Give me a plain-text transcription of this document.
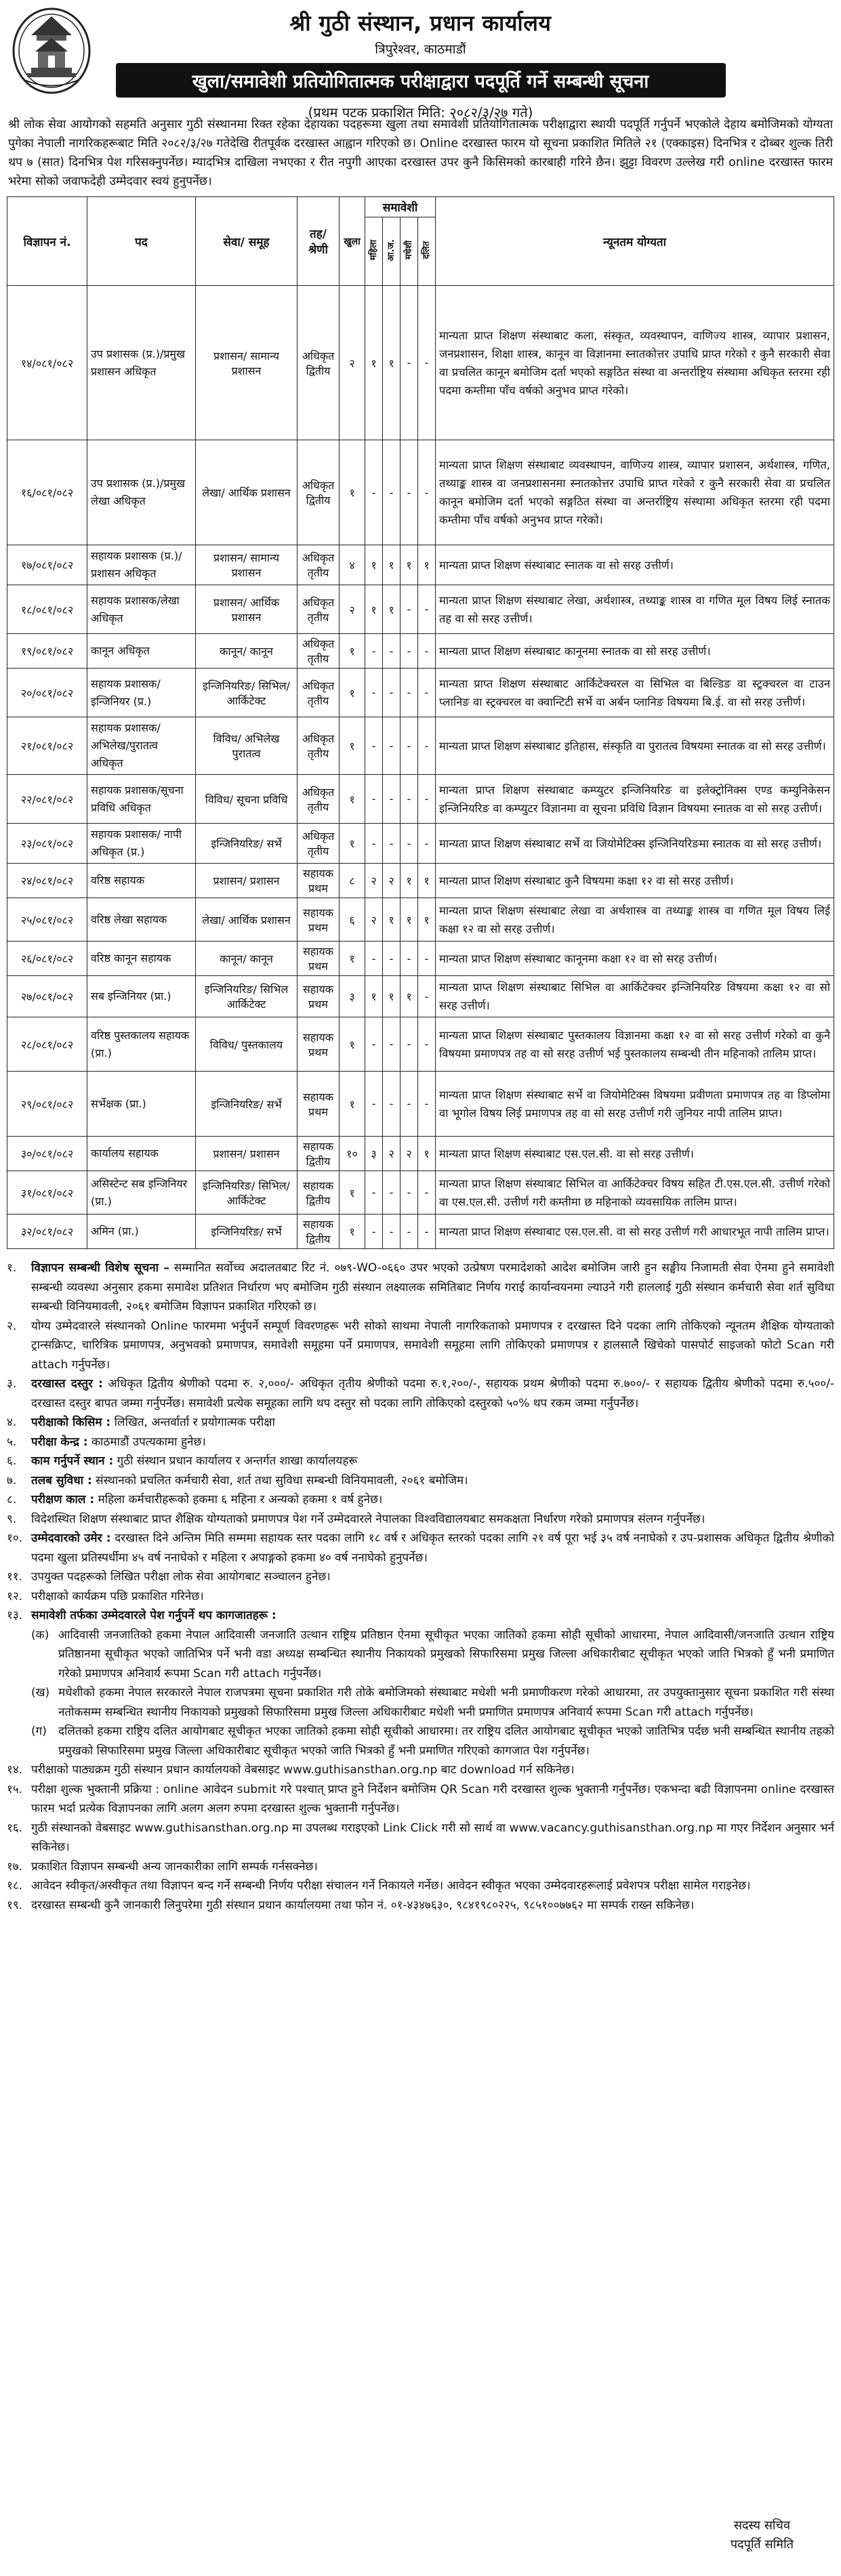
श्री गुठी संस्थान, प्रधान कार्यालय
त्रिपुरेश्वर, काठमाडौं
खुला/समावेशी प्रतियोगितात्मक परीक्षाद्वारा पदपूर्ति गर्ने सम्बन्धी सूचना
(प्रथम पटक प्रकाशित मिति: २०८२/३/२७ गते)
श्री लोक सेवा आयोगको सहमति अनुसार गुठी संस्थानमा रिक्त रहेका देहायका पदहरूमा खुला तथा समावेशी प्रतियोगितात्मक परीक्षाद्वारा स्थायी पदपूर्ति गर्नुपर्ने भएकोले देहाय बमोजिमको योग्यता पुगेका नेपाली नागरिकहरूबाट मिति २०८२/३/२७ गतेदेखि रीतपूर्वक दरखास्त आह्वान गरिएको छ। Online दरखास्त फारम यो सूचना प्रकाशित मितिले २१ (एक्काइस) दिनभित्र र दोब्बर शुल्क तिरी थप ७ (सात) दिनभित्र पेश गरिसक्नुपर्नेछ। म्यादभित्र दाखिला नभएका र रीत नपुगी आएका दरखास्त उपर कुनै किसिमको कारबाही गरिने छैन। झुट्टा विवरण उल्लेख गरी online दरखास्त फारम भरेमा सोको जवाफदेही उम्मेदवार स्वयं हुनुपर्नेछ।
विज्ञापन नं.	पद	सेवा/ समूह	तह/ श्रेणी	खुला	समावेशी				न्यूनतम योग्यता
					महिला	आ.ज.	मधेशी	दलित	
१४/०८१/०८२	उप प्रशासक (प्र.)/प्रमुख प्रशासन अधिकृत	प्रशासन/ सामान्य प्रशासन	अधिकृत द्वितीय	२	१	१	-	-	मान्यता प्राप्त शिक्षण संस्थाबाट कला, संस्कृत, व्यवस्थापन, वाणिज्य शास्त्र, व्यापार प्रशासन, जनप्रशासन, शिक्षा शास्त्र, कानून वा विज्ञानमा स्नातकोत्तर उपाधि प्राप्त गरेको र कुनै सरकारी सेवा वा प्रचलित कानून बमोजिम दर्ता भएको सङ्गठित संस्था वा अन्तर्राष्ट्रिय संस्थामा अधिकृत स्तरमा रही पदमा कम्तीमा पाँच वर्षको अनुभव प्राप्त गरेको।
१६/०८१/०८२	उप प्रशासक (प्र.)/प्रमुख लेखा अधिकृत	लेखा/ आर्थिक प्रशासन	अधिकृत द्वितीय	१	-	-	-	-	मान्यता प्राप्त शिक्षण संस्थाबाट व्यवस्थापन, वाणिज्य शास्त्र, व्यापार प्रशासन, अर्थशास्त्र, गणित, तथ्याङ्क शास्त्र वा जनप्रशासनमा स्नातकोत्तर उपाधि प्राप्त गरेको र कुनै सरकारी सेवा वा प्रचलित कानून बमोजिम दर्ता भएको सङ्गठित संस्था वा अन्तर्राष्ट्रिय संस्थामा अधिकृत स्तरमा रही पदमा कम्तीमा पाँच वर्षको अनुभव प्राप्त गरेको।
१७/०८१/०८२	सहायक प्रशासक (प्र.)/प्रशासन अधिकृत	प्रशासन/ सामान्य प्रशासन	अधिकृत तृतीय	४	१	१	१	१	मान्यता प्राप्त शिक्षण संस्थाबाट स्नातक वा सो सरह उत्तीर्ण।
१८/०८१/०८२	सहायक प्रशासक/लेखा अधिकृत	प्रशासन/ आर्थिक प्रशासन	अधिकृत तृतीय	२	१	१	-	-	मान्यता प्राप्त शिक्षण संस्थाबाट लेखा, अर्थशास्त्र, तथ्याङ्क शास्त्र वा गणित मूल विषय लिई स्नातक तह वा सो सरह उत्तीर्ण।
१९/०८१/०८२	कानून अधिकृत	कानून/ कानून	अधिकृत तृतीय	१	-	-	-	-	मान्यता प्राप्त शिक्षण संस्थाबाट कानूनमा स्नातक वा सो सरह उत्तीर्ण।
२०/०८१/०८२	सहायक प्रशासक/ इन्जिनियर (प्र.)	इन्जिनियरिङ/ सिभिल/ आर्किटेक्ट	अधिकृत तृतीय	१	-	-	-	-	मान्यता प्राप्त शिक्षण संस्थाबाट आर्किटेक्चरल वा सिभिल वा बिल्डिङ वा स्ट्रक्चरल वा टाउन प्लानिङ वा स्ट्रक्चरल वा क्वान्टिटी सर्भे वा अर्बन प्लानिङ विषयमा बि.ई. वा सो सरह उत्तीर्ण।
२१/०८१/०८२	सहायक प्रशासक/ अभिलेख/पुरातत्व अधिकृत	विविध/ अभिलेख पुरातत्व	अधिकृत तृतीय	१	-	-	-	-	मान्यता प्राप्त शिक्षण संस्थाबाट इतिहास, संस्कृति वा पुरातत्व विषयमा स्नातक वा सो सरह उत्तीर्ण।
२२/०८१/०८२	सहायक प्रशासक/सूचना प्रविधि अधिकृत	विविध/ सूचना प्रविधि	अधिकृत तृतीय	१	-	-	-	-	मान्यता प्राप्त शिक्षण संस्थाबाट कम्प्युटर इन्जिनियरिङ वा इलेक्ट्रोनिक्स एण्ड कम्युनिकेसन इन्जिनियरिङ वा कम्प्युटर विज्ञानमा वा सूचना प्रविधि विज्ञान विषयमा स्नातक वा सो सरह उत्तीर्ण।
२३/०८१/०८२	सहायक प्रशासक/ नापी अधिकृत (प्र.)	इन्जिनियरिङ/ सर्भे	अधिकृत तृतीय	१	-	-	-	-	मान्यता प्राप्त शिक्षण संस्थाबाट सर्भे वा जियोमेटिक्स इन्जिनियरिङमा स्नातक वा सो सरह उत्तीर्ण।
२४/०८१/०८२	वरिष्ठ सहायक	प्रशासन/ प्रशासन	सहायक प्रथम	८	२	२	१	१	मान्यता प्राप्त शिक्षण संस्थाबाट कुनै विषयमा कक्षा १२ वा सो सरह उत्तीर्ण।
२५/०८१/०८२	वरिष्ठ लेखा सहायक	लेखा/ आर्थिक प्रशासन	सहायक प्रथम	६	२	१	१	१	मान्यता प्राप्त शिक्षण संस्थाबाट लेखा वा अर्थशास्त्र वा तथ्याङ्क शास्त्र वा गणित मूल विषय लिई कक्षा १२ वा सो सरह उत्तीर्ण।
२६/०८१/०८२	वरिष्ठ कानून सहायक	कानून/ कानून	सहायक प्रथम	१	-	-	-	-	मान्यता प्राप्त शिक्षण संस्थाबाट कानूनमा कक्षा १२ वा सो सरह उत्तीर्ण।
२७/०८१/०८२	सब इन्जिनियर (प्रा.)	इन्जिनियरिङ/ सिभिल आर्किटेक्ट	सहायक प्रथम	३	१	१	१	-	मान्यता प्राप्त शिक्षण संस्थाबाट सिभिल वा आर्किटेक्चर इन्जिनियरिङ विषयमा कक्षा १२ वा सो सरह उत्तीर्ण।
२८/०८१/०८२	वरिष्ठ पुस्तकालय सहायक (प्रा.)	विविध/ पुस्तकालय	सहायक प्रथम	१	-	-	-	-	मान्यता प्राप्त शिक्षण संस्थाबाट पुस्तकालय विज्ञानमा कक्षा १२ वा सो सरह उत्तीर्ण गरेको वा कुनै विषयमा प्रमाणपत्र तह वा सो सरह उत्तीर्ण भई पुस्तकालय सम्बन्धी तीन महिनाको तालिम प्राप्त।
२९/०८१/०८२	सर्भेक्षक (प्रा.)	इन्जिनियरिङ/ सर्भे	सहायक प्रथम	१	-	-	-	-	मान्यता प्राप्त शिक्षण संस्थाबाट सर्भे वा जियोमेटिक्स विषयमा प्रवीणता प्रमाणपत्र तह वा डिप्लोमा वा भूगोल विषय लिई प्रमाणपत्र तह वा सो सरह उत्तीर्ण गरी जुनियर नापी तालिम प्राप्त।
३०/०८१/०८२	कार्यालय सहायक	प्रशासन/ प्रशासन	सहायक द्वितीय	१०	३	२	२	१	मान्यता प्राप्त शिक्षण संस्थाबाट एस.एल.सी. वा सो सरह उत्तीर्ण।
३१/०८१/०८२	असिस्टेन्ट सब इन्जिनियर (प्रा.)	इन्जिनियरिङ/ सिभिल/ आर्किटेक्ट	सहायक द्वितीय	१	-	-	-	-	मान्यता प्राप्त शिक्षण संस्थाबाट सिभिल वा आर्किटेक्चर विषय सहित टी.एस.एल.सी. उत्तीर्ण गरेको वा एस.एल.सी. उत्तीर्ण गरी कम्तीमा छ महिनाको व्यवसायिक तालिम प्राप्त।
३२/०८१/०८२	अमिन (प्रा.)	इन्जिनियरिङ/ सर्भे	सहायक द्वितीय	१	-	-	-	-	मान्यता प्राप्त शिक्षण संस्थाबाट एस.एल.सी. वा सो सरह उत्तीर्ण गरी आधारभूत नापी तालिम प्राप्त।
१.	विज्ञापन सम्बन्धी विशेष सूचना – सम्मानित सर्वोच्च अदालतबाट रिट नं. ०७९-WO-०६६० उपर भएको उत्प्रेषण परमादेशको आदेश बमोजिम जारी हुन सङ्घीय निजामती सेवा ऐनमा हुने समावेशी सम्बन्धी व्यवस्था अनुसार हकमा समावेश प्रतिशत निर्धारण भए बमोजिम गुठी संस्थान लक्ष्यालक समितिबाट निर्णय गराई कार्यान्वयनमा ल्याउने गरी हाललाई गुठी संस्थान कर्मचारी सेवा शर्त सुविधा सम्बन्धी विनियमावली, २०६१ बमोजिम विज्ञापन प्रकाशित गरिएको छ।
२.	योग्य उम्मेदवारले संस्थानको Online फारममा भर्नुपर्ने सम्पूर्ण विवरणहरू भरी सोको साथमा नेपाली नागरिकताको प्रमाणपत्र र दरखास्त दिने पदका लागि तोकिएको न्यूनतम शैक्षिक योग्यताको ट्रान्सक्रिप्ट, चारित्रिक प्रमाणपत्र, अनुभवको प्रमाणपत्र, समावेशी समूहमा पर्ने प्रमाणपत्र, समावेशी समूहमा लागि तोकिएको प्रमाणपत्र र हालसालै खिचेको पासपोर्ट साइजको फोटो Scan गरी attach गर्नुपर्नेछ।
३.	दरखास्त दस्तुर : अधिकृत द्वितीय श्रेणीको पदमा रु. २,०००/- अधिकृत तृतीय श्रेणीको पदमा रु.१,२००/-, सहायक प्रथम श्रेणीको पदमा रु.७००/- र सहायक द्वितीय श्रेणीको पदमा रु.५००/- दरखास्त दस्तुर बापत जम्मा गर्नुपर्नेछ। समावेशी प्रत्येक समूहका लागि थप दस्तुर सो पदका लागि तोकिएको दस्तुरको ५०% थप रकम जम्मा गर्नुपर्नेछ।
४.	परीक्षाको किसिम : लिखित, अन्तर्वार्ता र प्रयोगात्मक परीक्षा
५.	परीक्षा केन्द्र : काठमाडौं उपत्यकामा हुनेछ।
६.	काम गर्नुपर्ने स्थान : गुठी संस्थान प्रधान कार्यालय र अन्तर्गत शाखा कार्यालयहरू
७.	तलब सुविधा : संस्थानको प्रचलित कर्मचारी सेवा, शर्त तथा सुविधा सम्बन्धी विनियमावली, २०६१ बमोजिम।
८.	परीक्षण काल : महिला कर्मचारीहरूको हकमा ६ महिना र अन्यको हकमा १ वर्ष हुनेछ।
९.	विदेशस्थित शिक्षण संस्थाबाट प्राप्त शैक्षिक योग्यताको प्रमाणपत्र पेश गर्ने उम्मेदवारले नेपालका विश्वविद्यालयबाट समकक्षता निर्धारण गरेको प्रमाणपत्र संलग्न गर्नुपर्नेछ।
१०. उम्मेदवारको उमेर : दरखास्त दिने अन्तिम मिति सम्ममा सहायक स्तर पदका लागि १८ वर्ष र अधिकृत स्तरको पदका लागि २१ वर्ष पूरा भई ३५ वर्ष ननाघेको र उप-प्रशासक अधिकृत द्वितीय श्रेणीको पदमा खुला प्रतिस्पर्धीमा ४५ वर्ष ननाघेको र महिला र अपाङ्गको हकमा ४० वर्ष ननाघेको हुनुपर्नेछ।
११. उपयुक्त पदहरूको लिखित परीक्षा लोक सेवा आयोगबाट सञ्चालन हुनेछ।
१२. परीक्षाको कार्यक्रम पछि प्रकाशित गरिनेछ।
१३. समावेशी तर्फका उम्मेदवारले पेश गर्नुपर्ने थप कागजातहरू :
(क) आदिवासी जनजातिको हकमा नेपाल आदिवासी जनजाति उत्थान राष्ट्रिय प्रतिष्ठान ऐनमा सूचीकृत भएका जातिको हकमा सोही सूचीको आधारमा, नेपाल आदिवासी/जनजाति उत्थान राष्ट्रिय प्रतिष्ठानमा सूचीकृत भएको जातिभित्र पर्ने भनी वडा अध्यक्ष सम्बन्धित स्थानीय निकायको प्रमुखको सिफारिसमा प्रमुख जिल्ला अधिकारीबाट सूचीकृत भएको जाति भित्रको हुँ भनी प्रमाणित गरेको प्रमाणपत्र अनिवार्य रूपमा Scan गरी attach गर्नुपर्नेछ।
(ख) मधेशीको हकमा नेपाल सरकारले नेपाल राजपत्रमा सूचना प्रकाशित गरी तोके बमोजिमको संस्थाबाट मधेशी भनी प्रमाणीकरण गरेको आधारमा, तर उपयुक्तानुसार सूचना प्रकाशित गरी संस्था नतोकसम्म सम्बन्धित स्थानीय निकायको प्रमुखको सिफारिसमा प्रमुख जिल्ला अधिकारीबाट मधेशी भनी प्रमाणित प्रमाणपत्र अनिवार्य रूपमा Scan गरी attach गर्नुपर्नेछ।
(ग)	दलितको हकमा राष्ट्रिय दलित आयोगबाट सूचीकृत भएका जातिको हकमा सोही सूचीको आधारमा। तर राष्ट्रिय दलित आयोगबाट सूचीकृत भएको जातिभित्र पर्दछ भनी सम्बन्धित स्थानीय तहको प्रमुखको सिफारिसमा प्रमुख जिल्ला अधिकारीबाट सूचीकृत भएको जाति भित्रको हुँ भनी प्रमाणित गरिएको कागजात पेश गर्नुपर्नेछ।
१४. परीक्षाको पाठ्यक्रम गुठी संस्थान प्रधान कार्यालयको वेबसाइट www.guthisansthan.org.np बाट download गर्न सकिनेछ।
१५. परीक्षा शुल्क भुक्तानी प्रक्रिया : online आवेदन submit गरे पश्चात् प्राप्त हुने निर्देशन बमोजिम QR Scan गरी दरखास्त शुल्क भुक्तानी गर्नुपर्नेछ। एकभन्दा बढी विज्ञापनमा online दरखास्त फारम भर्दा प्रत्येक विज्ञापनका लागि अलग अलग रुपमा दरखास्त शुल्क भुक्तानी गर्नुपर्नेछ।
१६. गुठी संस्थानको वेबसाइट www.guthisansthan.org.np मा उपलब्ध गराइएको Link Click गरी सो सार्थ वा www.vacancy.guthisansthan.org.np मा गएर निर्देशन अनुसार भर्न सकिनेछ।
१७. प्रकाशित विज्ञापन सम्बन्धी अन्य जानकारीका लागि सम्पर्क गर्नसक्नेछ।
१८. आवेदन स्वीकृत/अस्वीकृत तथा विज्ञापन बन्द गर्ने सम्बन्धी निर्णय परीक्षा संचालन गर्ने निकायले गर्नेछ। आवेदन स्वीकृत भएका उम्मेदवारहरूलाई प्रवेशपत्र परीक्षा सामेल गराइनेछ।
१९. दरखास्त सम्बन्धी कुनै जानकारी लिनुपरेमा गुठी संस्थान प्रधान कार्यालयमा तथा फोन नं. ०१-४३४७६३०, ९८४१९८०२२५, ९८५१००७७६२ मा सम्पर्क राख्न सकिनेछ।
सदस्य सचिव
पदपूर्ति समिति
